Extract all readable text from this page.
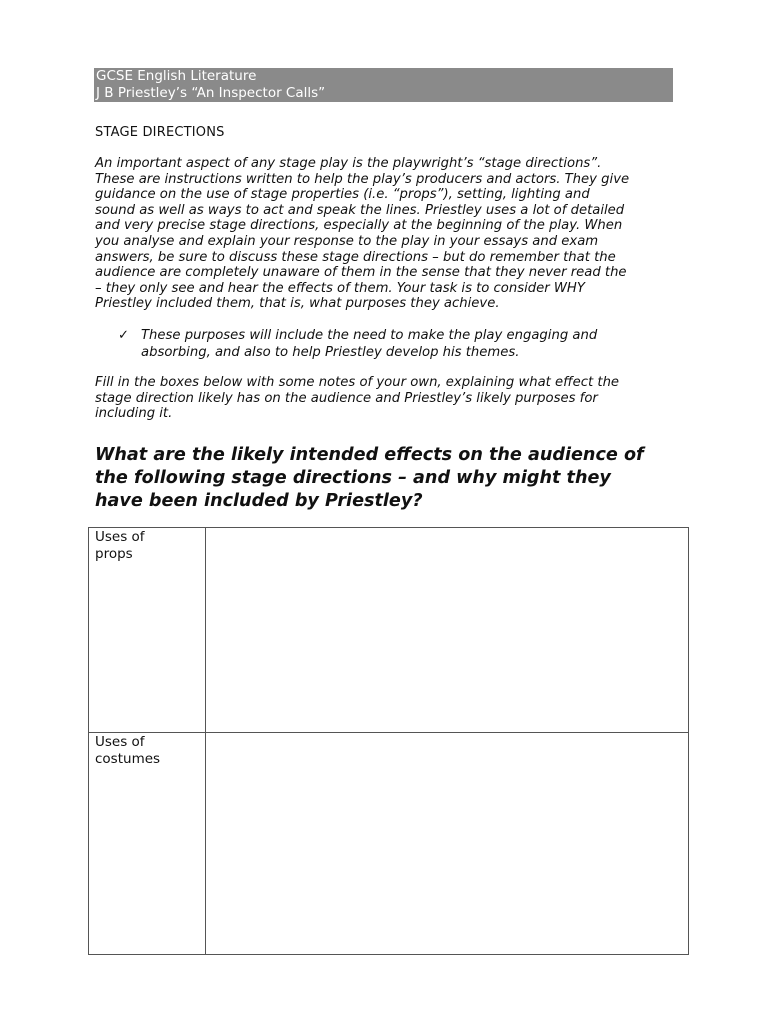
GCSE English Literature
J B Priestley’s “An Inspector Calls”
STAGE DIRECTIONS
An important aspect of any stage play is the playwright’s “stage directions”.
These are instructions written to help the play’s producers and actors. They give
guidance on the use of stage properties (i.e. “props”), setting, lighting and
sound as well as ways to act and speak the lines. Priestley uses a lot of detailed
and very precise stage directions, especially at the beginning of the play. When
you analyse and explain your response to the play in your essays and exam
answers, be sure to discuss these stage directions – but do remember that the
audience are completely unaware of them in the sense that they never read the
– they only see and hear the effects of them. Your task is to consider WHY
Priestley included them, that is, what purposes they achieve.
✓ These purposes will include the need to make the play engaging and
absorbing, and also to help Priestley develop his themes.
Fill in the boxes below with some notes of your own, explaining what effect the
stage direction likely has on the audience and Priestley’s likely purposes for
including it.
What are the likely intended effects on the audience of
the following stage directions – and why might they
have been included by Priestley?
Uses of
props	

Uses of
costumes	
